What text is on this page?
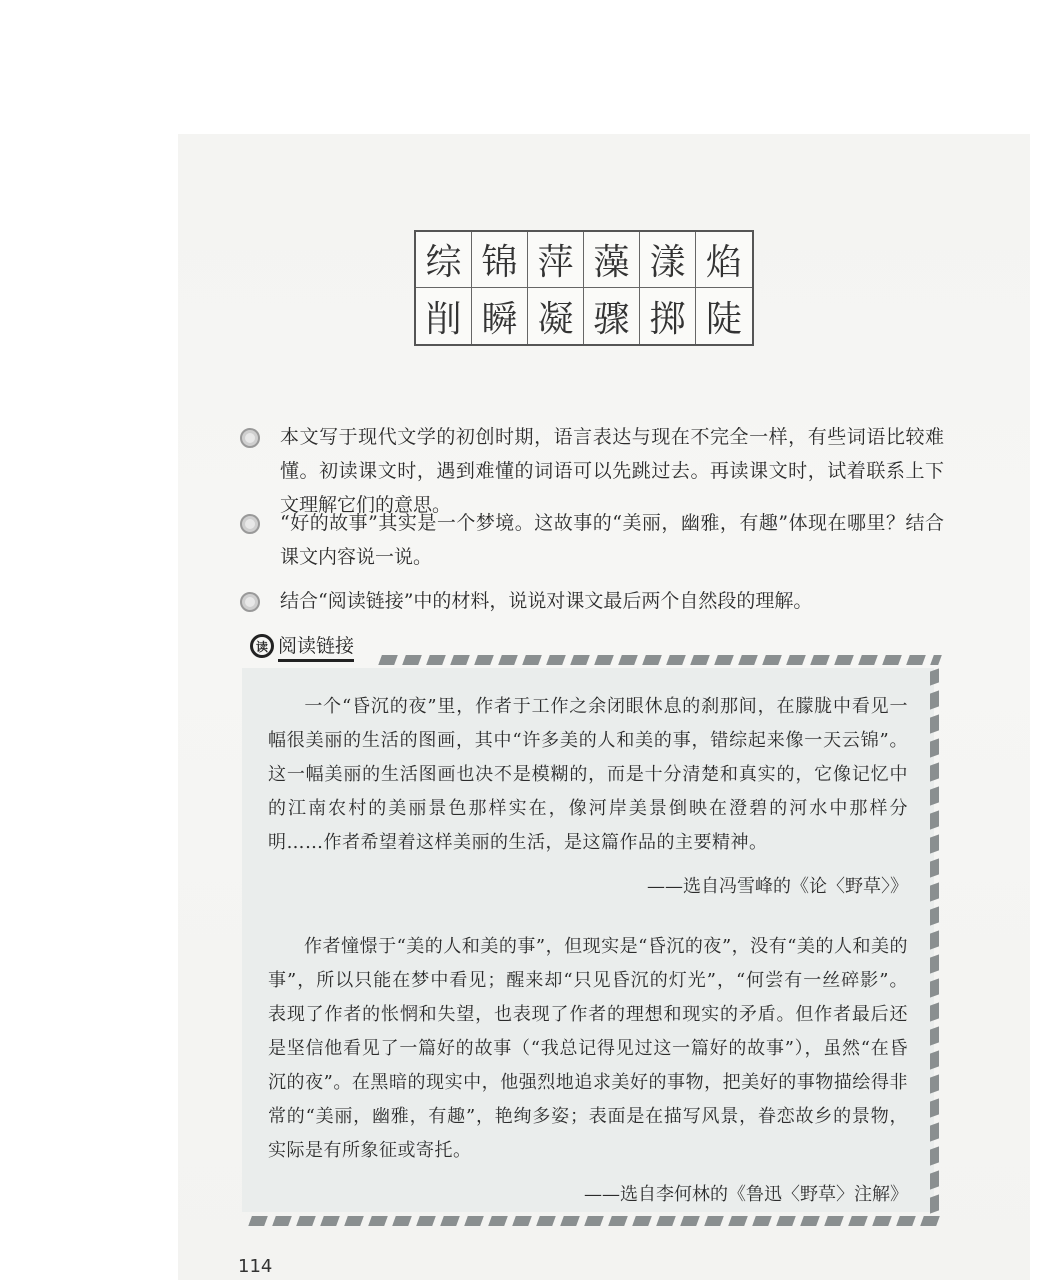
综 锦 萍 藻 漾 焰
削 瞬 凝 骤 掷 陡
本文写于现代文学的初创时期，语言表达与现在不完全一样，有些词语比较难懂。初读课文时，遇到难懂的词语可以先跳过去。再读课文时，试着联系上下文理解它们的意思。
“好的故事”其实是一个梦境。这故事的“美丽，幽雅，有趣”体现在哪里？结合课文内容说一说。
结合“阅读链接”中的材料，说说对课文最后两个自然段的理解。
读 阅读链接
一个“昏沉的夜”里，作者于工作之余闭眼休息的刹那间，在朦胧中看见一幅很美丽的生活的图画，其中“许多美的人和美的事，错综起来像一天云锦”。这一幅美丽的生活图画也决不是模糊的，而是十分清楚和真实的，它像记忆中的江南农村的美丽景色那样实在，像河岸美景倒映在澄碧的河水中那样分明……作者希望着这样美丽的生活，是这篇作品的主要精神。
——选自冯雪峰的《论〈野草〉》
作者憧憬于“美的人和美的事”，但现实是“昏沉的夜”，没有“美的人和美的事”，所以只能在梦中看见；醒来却“只见昏沉的灯光”，“何尝有一丝碎影”。表现了作者的怅惘和失望，也表现了作者的理想和现实的矛盾。但作者最后还是坚信他看见了一篇好的故事（“我总记得见过这一篇好的故事”），虽然“在昏沉的夜”。在黑暗的现实中，他强烈地追求美好的事物，把美好的事物描绘得非常的“美丽，幽雅，有趣”，艳绚多姿；表面是在描写风景，眷恋故乡的景物，实际是有所象征或寄托。
——选自李何林的《鲁迅〈野草〉注解》
114
